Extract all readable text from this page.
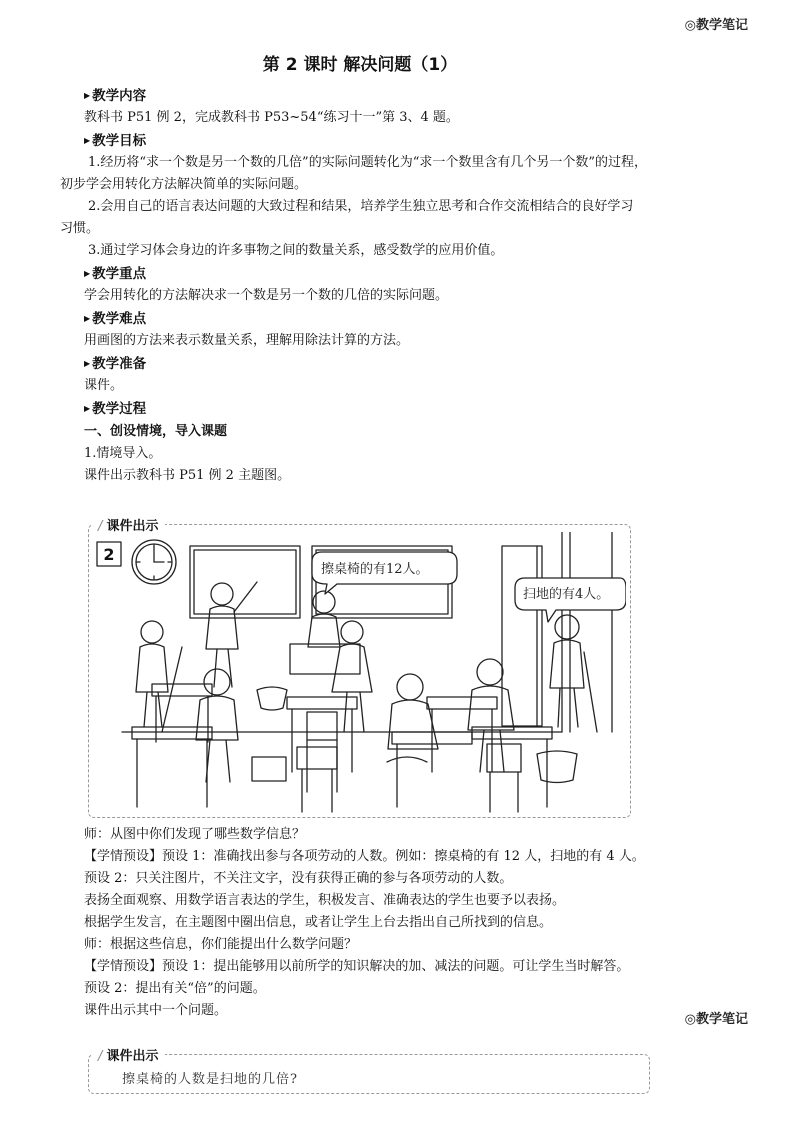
◎教学笔记
◎教学笔记
第 2 课时 解决问题（1）
▶ 教学内容
教科书 P51 例 2，完成教科书 P53~54“练习十一”第 3、4 题。
▶ 教学目标
1.经历将“求一个数是另一个数的几倍”的实际问题转化为“求一个数里含有几个另一个数”的过程，
初步学会用转化方法解决简单的实际问题。
2.会用自己的语言表达问题的大致过程和结果，培养学生独立思考和合作交流相结合的良好学习
习惯。
3.通过学习体会身边的许多事物之间的数量关系，感受数学的应用价值。
▶ 教学重点
学会用转化的方法解决求一个数是另一个数的几倍的实际问题。
▶ 教学难点
用画图的方法来表示数量关系，理解用除法计算的方法。
▶ 教学准备
课件。
▶ 教学过程
一、创设情境，导入课题
1.情境导入。
课件出示教科书 P51 例 2 主题图。
/ 课件出示
2
擦桌椅的有12人。
扫地的有4人。
师：从图中你们发现了哪些数学信息？
【学情预设】预设 1：准确找出参与各项劳动的人数。例如：擦桌椅的有 12 人，扫地的有 4 人。
预设 2：只关注图片，不关注文字，没有获得正确的参与各项劳动的人数。
表扬全面观察、用数学语言表达的学生，积极发言、准确表达的学生也要予以表扬。
根据学生发言，在主题图中圈出信息，或者让学生上台去指出自己所找到的信息。
师：根据这些信息，你们能提出什么数学问题？
【学情预设】预设 1：提出能够用以前所学的知识解决的加、减法的问题。可让学生当时解答。
预设 2：提出有关“倍”的问题。
课件出示其中一个问题。
/ 课件出示
擦桌椅的人数是扫地的几倍?
